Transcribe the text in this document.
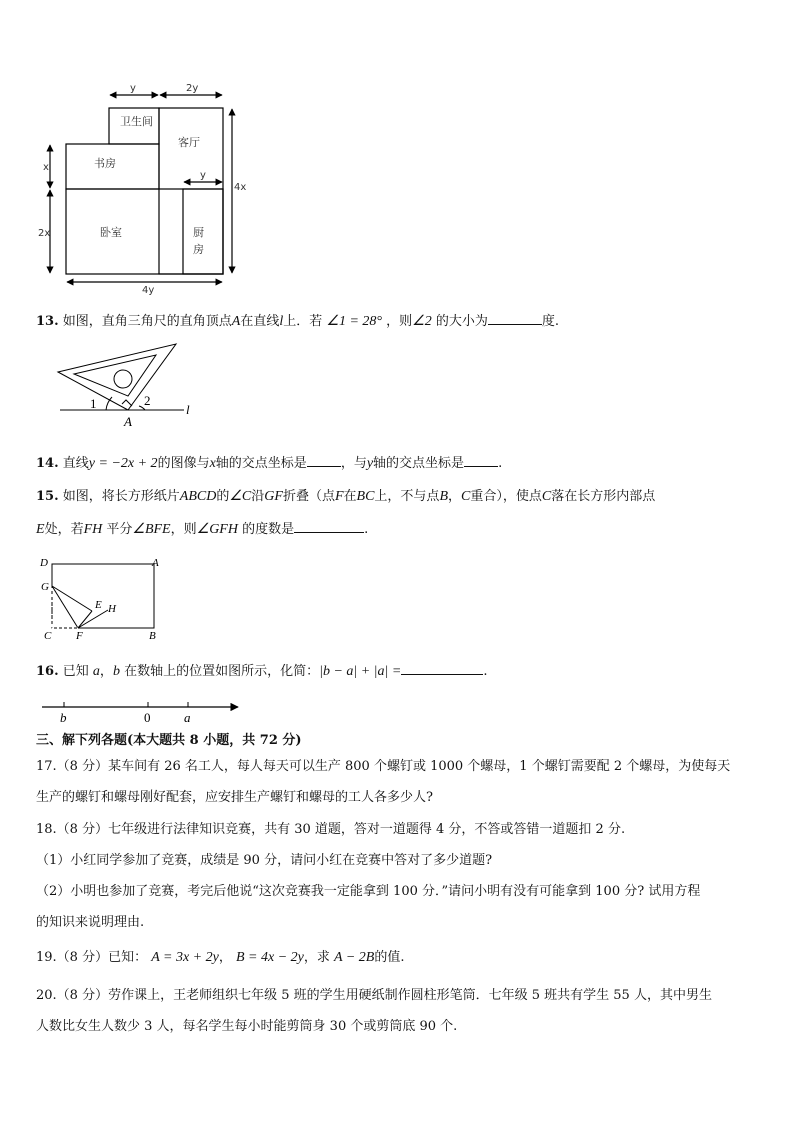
卫生间
客厅
书房
卧室	厨
房
y	2y
x
2x
4x
4y
y
13. 如图，直角三角尺的直角顶点A在直线l上．若 ∠1 = 28° ，则∠2 的大小为	度.
1	2
A
l
14. 直线y = −2x + 2的图像与x轴的交点坐标是	，与y轴的交点坐标是	.
15. 如图，将长方形纸片ABCD的∠C沿GF折叠（点F在BC上，不与点B，C重合），使点C落在长方形内部点
E处，若FH 平分∠BFE，则∠GFH 的度数是	.
D	A
G
E H
C F	B
16. 已知 a，b 在数轴上的位置如图所示，化简：|b − a| + |a| =	.
b	0	a
三、解下列各题(本大题共 8 小题，共 72 分)
17.（8 分）某车间有 26 名工人，每人每天可以生产 800 个螺钉或 1000 个螺母，1 个螺钉需要配 2 个螺母，为使每天
生产的螺钉和螺母刚好配套，应安排生产螺钉和螺母的工人各多少人?
18.（8 分）七年级进行法律知识竞赛，共有 30 道题，答对一道题得 4 分，不答或答错一道题扣 2 分.
（1）小红同学参加了竞赛，成绩是 90 分，请问小红在竞赛中答对了多少道题?
（2）小明也参加了竞赛，考完后他说“这次竞赛我一定能拿到 100 分．”请问小明有没有可能拿到 100 分? 试用方程
的知识来说明理由.
19.（8 分）已知： A = 3x + 2y， B = 4x − 2y，求 A − 2B的值.
20.（8 分）劳作课上，王老师组织七年级 5 班的学生用硬纸制作圆柱形笔筒．七年级 5 班共有学生 55 人，其中男生
人数比女生人数少 3 人，每名学生每小时能剪筒身 30 个或剪筒底 90 个.
